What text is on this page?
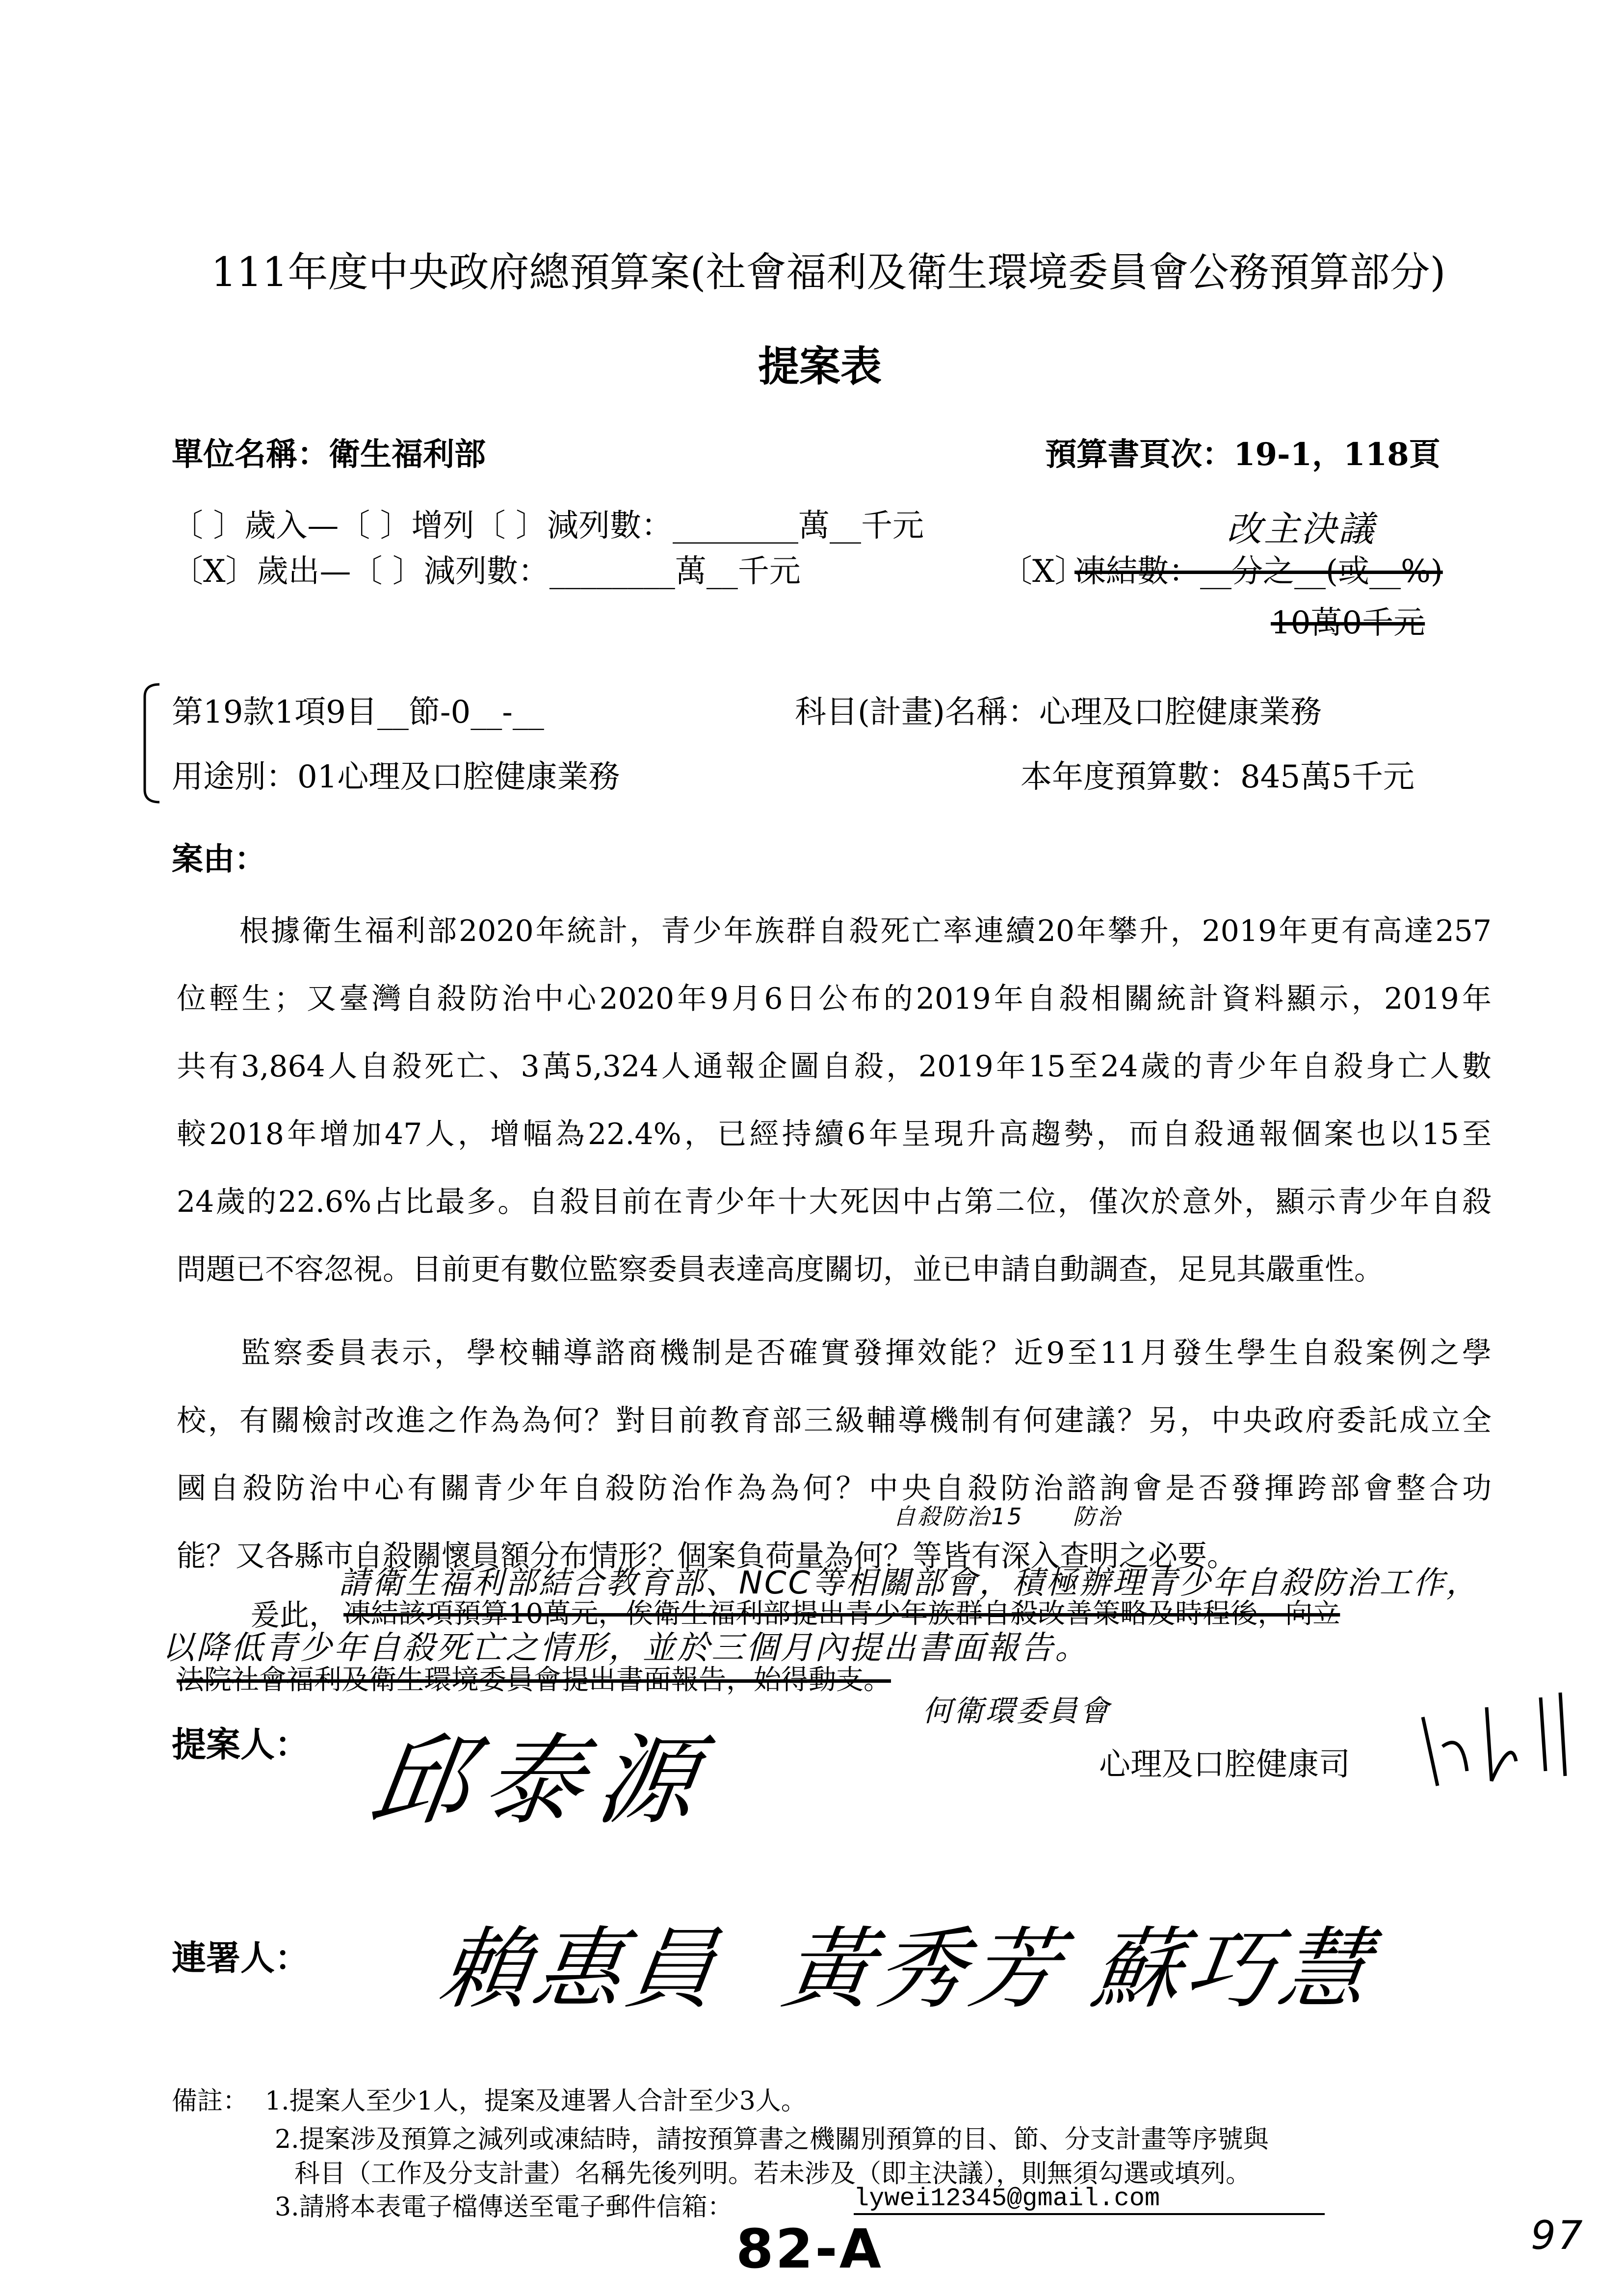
111年度中央政府總預算案(社會福利及衛生環境委員會公務預算部分)
提案表
單位名稱：衛生福利部	預算書頁次：19-1，118頁
〔 〕歲入—〔 〕增列〔 〕減列數：________萬__千元
〔X〕歲出—〔 〕減列數：________萬__千元
改主決議
〔X〕
凍結數：__分之__(或__%)
10萬0千元
第19款1項9目__節-0__-__	科目(計畫)名稱：心理及口腔健康業務
用途別：01心理及口腔健康業務	本年度預算數：845萬5千元
案由：
　　根據衛生福利部2020年統計，青少年族群自殺死亡率連續20年攀升，2019年更有高達257
位輕生；又臺灣自殺防治中心2020年9月6日公布的2019年自殺相關統計資料顯示，2019年
共有3,864人自殺死亡、3萬5,324人通報企圖自殺，2019年15至24歲的青少年自殺身亡人數
較2018年增加47人，增幅為22.4%，已經持續6年呈現升高趨勢，而自殺通報個案也以15至
24歲的22.6%占比最多。自殺目前在青少年十大死因中占第二位，僅次於意外，顯示青少年自殺
問題已不容忽視。目前更有數位監察委員表達高度關切，並已申請自動調查，足見其嚴重性。
　　監察委員表示，學校輔導諮商機制是否確實發揮效能？近9至11月發生學生自殺案例之學
校，有關檢討改進之作為為何？對目前教育部三級輔導機制有何建議？另，中央政府委託成立全
國自殺防治中心有關青少年自殺防治作為為何？中央自殺防治諮詢會是否發揮跨部會整合功
能？又各縣市自殺關懷員額分布情形？個案負荷量為何？等皆有深入查明之必要。
自殺防治15　　防治
請衛生福利部結合教育部、NCC等相關部會，積極辦理青少年自殺防治工作，
爰此， 凍結該項預算10萬元，俟衛生福利部提出青少年族群自殺改善策略及時程後，向立
以降低青少年自殺死亡之情形，並於三個月內提出書面報告。
法院社會福利及衛生環境委員會提出書面報告，始得動支。
何衛環委員會
提案人： 邱泰源	心理及口腔健康司
連署人： 賴惠員 黃秀芳 蘇巧慧
備註： 1.提案人至少1人，提案及連署人合計至少3人。
2.提案涉及預算之減列或凍結時，請按預算書之機關別預算的目、節、分支計畫等序號與
科目（工作及分支計畫）名稱先後列明。若未涉及（即主決議），則無須勾選或填列。
3.請將本表電子檔傳送至電子郵件信箱：	lywei12345@gmail.com
82-A	97
